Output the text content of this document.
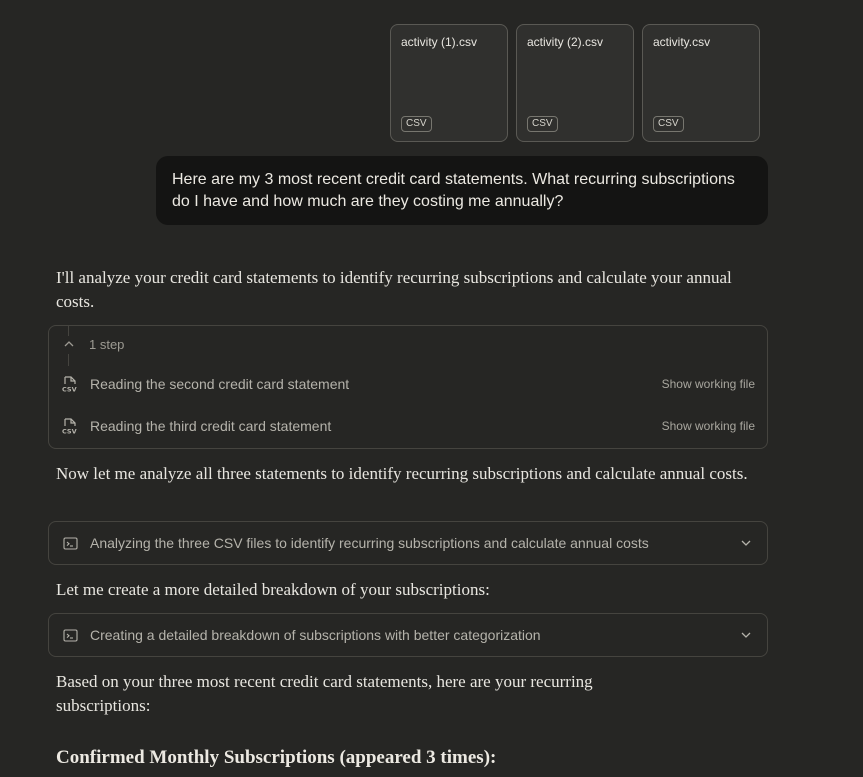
activity (1).csv
CSV
activity (2).csv
CSV
activity.csv
CSV
Here are my 3 most recent credit card statements. What recurring subscriptions do I have and how much are they costing me annually?
I'll analyze your credit card statements to identify recurring subscriptions and calculate your annual costs.
1 step
CSV Reading the second credit card statement	Show working file
CSV Reading the third credit card statement	Show working file
Now let me analyze all three statements to identify recurring subscriptions and calculate annual costs.
Analyzing the three CSV files to identify recurring subscriptions and calculate annual costs
Let me create a more detailed breakdown of your subscriptions:
Creating a detailed breakdown of subscriptions with better categorization
Based on your three most recent credit card statements, here are your recurring subscriptions:
Confirmed Monthly Subscriptions (appeared 3 times):
